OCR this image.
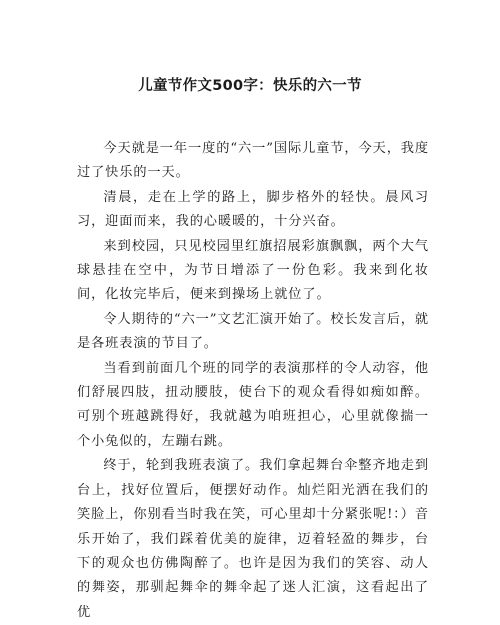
儿童节作文500字：快乐的六一节

今天就是一年一度的“六一”国际儿童节，今天，我度过了快乐的一天。

清晨，走在上学的路上，脚步格外的轻快。晨风习习，迎面而来，我的心暖暖的，十分兴奋。

来到校园，只见校园里红旗招展彩旗飘飘，两个大气球悬挂在空中，为节日增添了一份色彩。我来到化妆间，化妆完毕后，便来到操场上就位了。

令人期待的“六一”文艺汇演开始了。校长发言后，就是各班表演的节目了。

当看到前面几个班的同学的表演那样的令人动容，他们舒展四肢，扭动腰肢，使台下的观众看得如痴如醉。可别个班越跳得好，我就越为咱班担心，心里就像揣一个小兔似的，左蹦右跳。

终于，轮到我班表演了。我们拿起舞台伞整齐地走到台上，找好位置后，便摆好动作。灿烂阳光洒在我们的笑脸上，你别看当时我在笑，可心里却十分紧张呢!：）音乐开始了，我们踩着优美的旋律，迈着轻盈的舞步，台下的观众也仿佛陶醉了。也许是因为我们的笑容、动人的舞姿，那驯起舞伞的舞伞起了迷人汇演，这看起出了优
